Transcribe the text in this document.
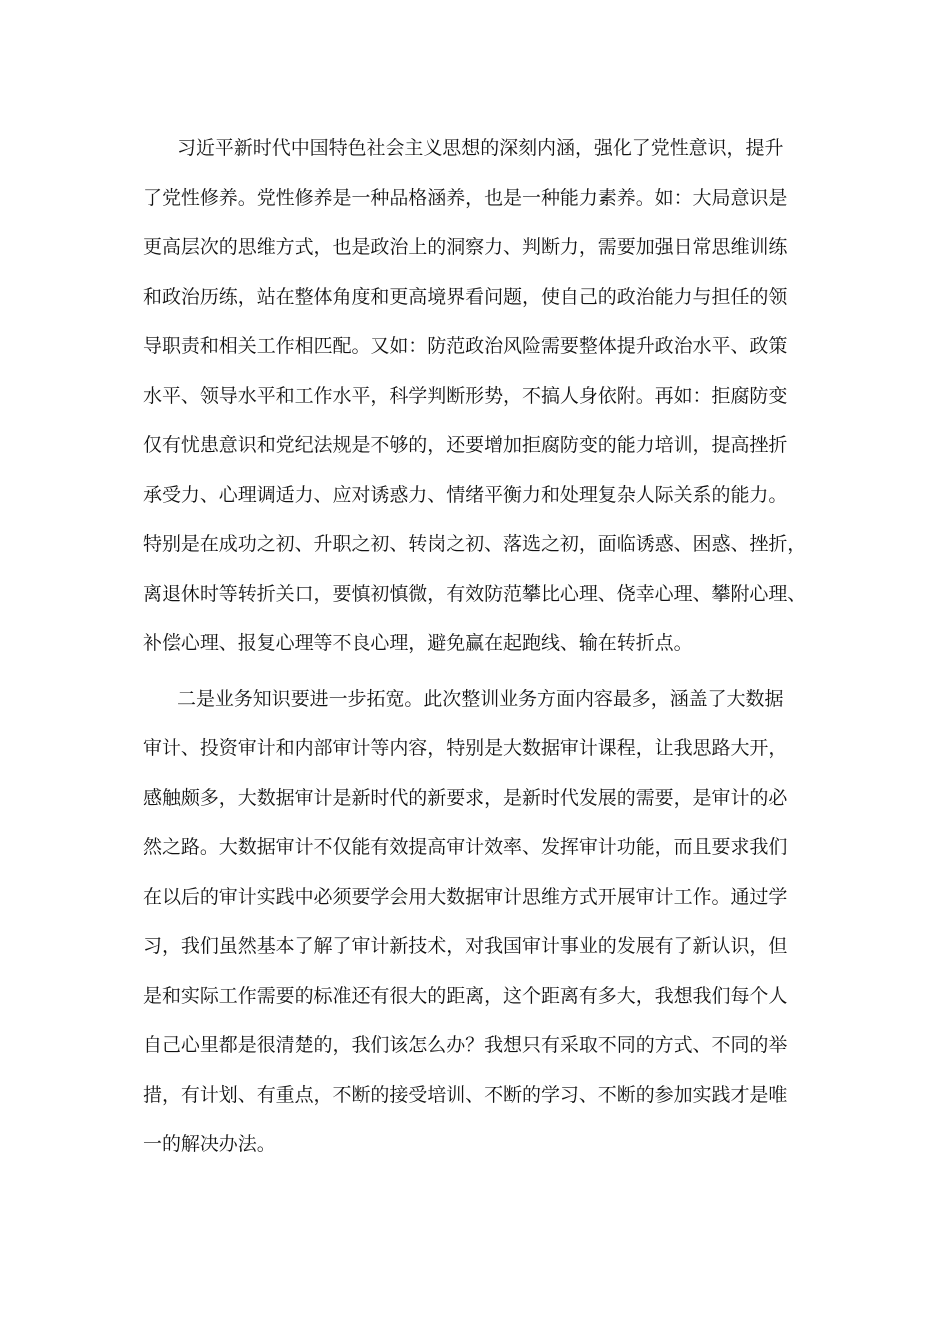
习近平新时代中国特色社会主义思想的深刻内涵，强化了党性意识，提升
了党性修养。党性修养是一种品格涵养，也是一种能力素养。如：大局意识是
更高层次的思维方式，也是政治上的洞察力、判断力，需要加强日常思维训练
和政治历练，站在整体角度和更高境界看问题，使自己的政治能力与担任的领
导职责和相关工作相匹配。又如：防范政治风险需要整体提升政治水平、政策
水平、领导水平和工作水平，科学判断形势，不搞人身依附。再如：拒腐防变
仅有忧患意识和党纪法规是不够的，还要增加拒腐防变的能力培训，提高挫折
承受力、心理调适力、应对诱惑力、情绪平衡力和处理复杂人际关系的能力。
特别是在成功之初、升职之初、转岗之初、落选之初，面临诱惑、困惑、挫折，
离退休时等转折关口，要慎初慎微，有效防范攀比心理、侥幸心理、攀附心理、
补偿心理、报复心理等不良心理，避免赢在起跑线、输在转折点。
二是业务知识要进一步拓宽。此次整训业务方面内容最多，涵盖了大数据
审计、投资审计和内部审计等内容，特别是大数据审计课程，让我思路大开，
感触颇多，大数据审计是新时代的新要求，是新时代发展的需要，是审计的必
然之路。大数据审计不仅能有效提高审计效率、发挥审计功能，而且要求我们
在以后的审计实践中必须要学会用大数据审计思维方式开展审计工作。通过学
习，我们虽然基本了解了审计新技术，对我国审计事业的发展有了新认识，但
是和实际工作需要的标准还有很大的距离，这个距离有多大，我想我们每个人
自己心里都是很清楚的，我们该怎么办？我想只有采取不同的方式、不同的举
措，有计划、有重点，不断的接受培训、不断的学习、不断的参加实践才是唯
一的解决办法。
